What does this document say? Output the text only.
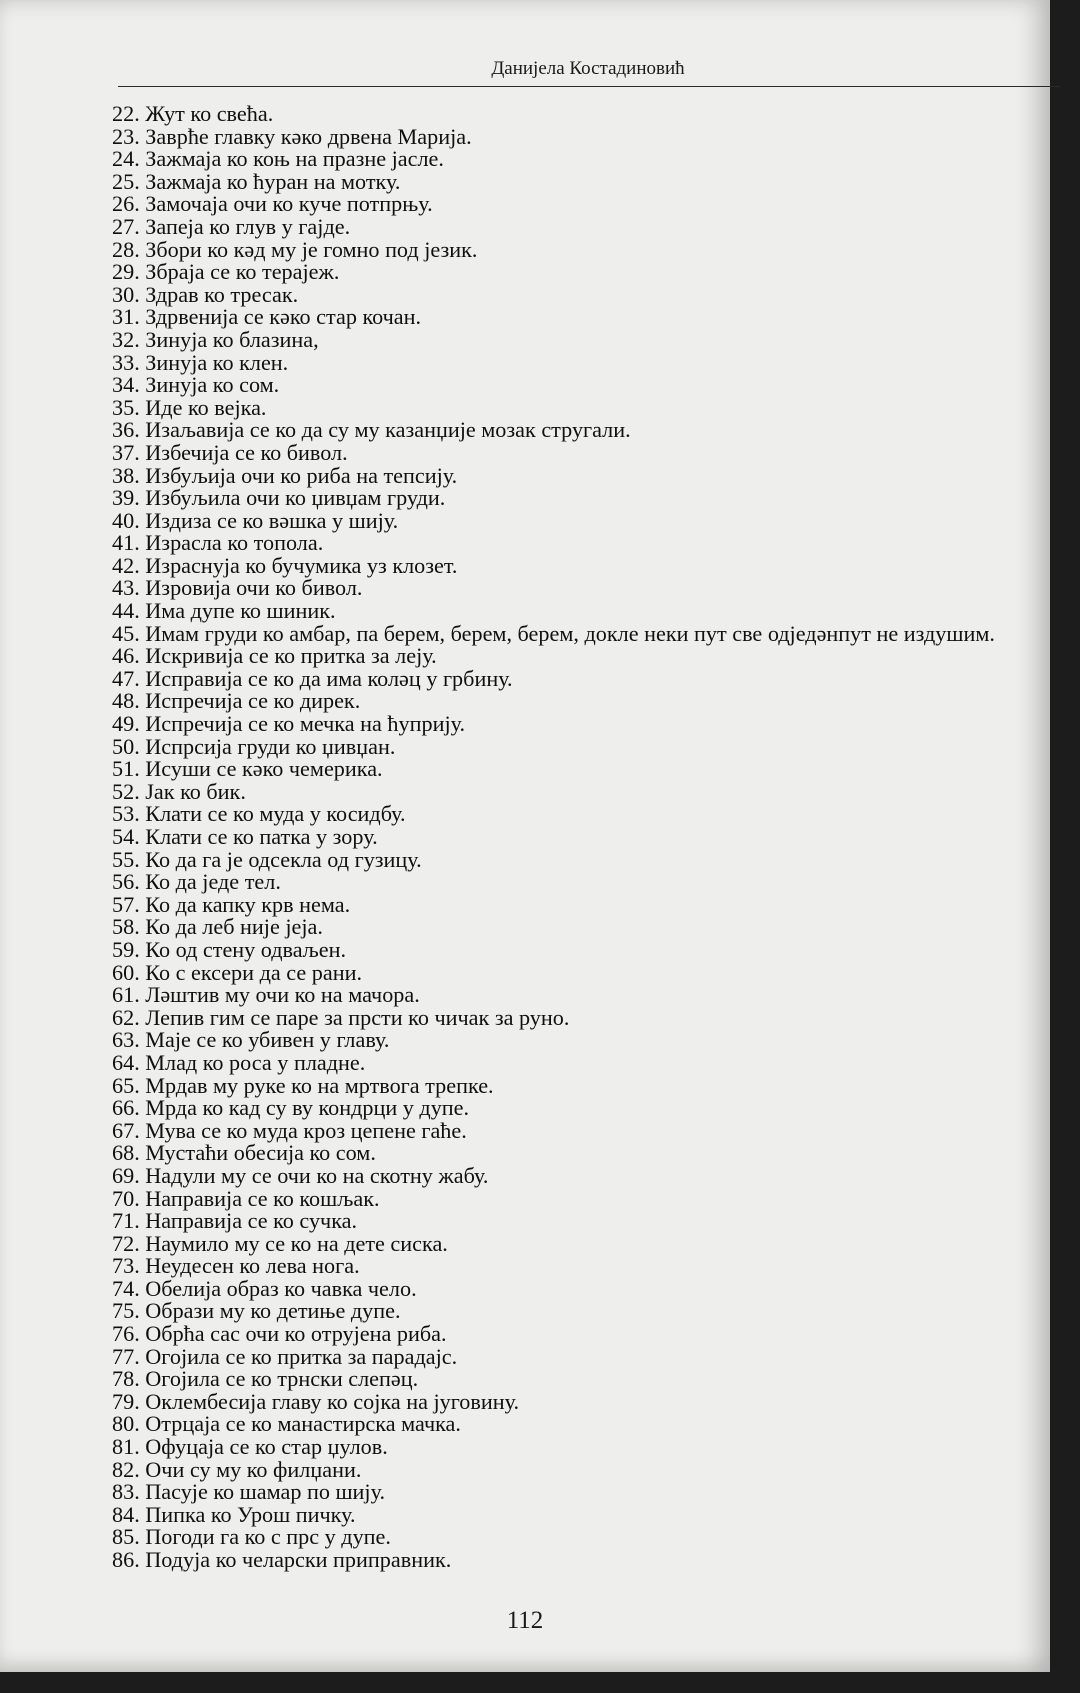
Данијела Костадиновић
22. Жут ко свећа.
23. Заврће главку кәко дрвена Марија.
24. Зажмаја ко коњ на празне јасле.
25. Зажмаја ко ћуран на мотку.
26. Замочаја очи ко куче потпрњу.
27. Запеја ко глув у гајде.
28. Збори ко кәд му је гомно под језик.
29. Збраја се ко терајеж.
30. Здрав ко тресак.
31. Здрвенија се кәко стар кочан.
32. Зинуја ко блазина,
33. Зинуја ко клен.
34. Зинуја ко сом.
35. Иде ко вејка.
36. Изаљавија се ко да су му казанџије мозак стругали.
37. Избечија се ко бивол.
38. Избуљија очи ко риба на тепсију.
39. Избуљила очи ко џивџам груди.
40. Издиза се ко вәшка у шију.
41. Израсла ко топола.
42. Израснуја ко бучумика уз клозет.
43. Изровија очи ко бивол.
44. Има дупе ко шиник.
45. Имам груди ко амбар, па берем, берем, берем, докле неки пут све одједәнпут не издушим.
46. Искривија се ко притка за леју.
47. Исправија се ко да има коләц у грбину.
48. Испречија се ко дирек.
49. Испречија се ко мечка на ћуприју.
50. Испрсија груди ко џивџан.
51. Исуши се кәко чемерика.
52. Јак ко бик.
53. Клати се ко муда у косидбу.
54. Клати се ко патка у зору.
55. Ко да га је одсекла од гузицу.
56. Ко да једе тел.
57. Ко да капку крв нема.
58. Ко да леб није јеја.
59. Ко од стену одваљен.
60. Ко с ексери да се рани.
61. Ләштив му очи ко на мачора.
62. Лепив гим се паре за прсти ко чичак за руно.
63. Маје се ко убивен у главу.
64. Млад ко роса у пладне.
65. Мрдав му руке ко на мртвога трепке.
66. Мрда ко кад су ву кондрци у дупе.
67. Мува се ко муда кроз цепене гаће.
68. Мустаћи обесија ко сом.
69. Надули му се очи ко на скотну жабу.
70. Направија се ко кошљак.
71. Направија се ко сучка.
72. Наумило му се ко на дете сиска.
73. Неудесен ко лева нога.
74. Обелија образ ко чавка чело.
75. Образи му ко детиње дупе.
76. Обрћа сас очи ко отрујена риба.
77. Огојила се ко притка за парадајс.
78. Огојила се ко трнски слепәц.
79. Оклембесија главу ко сојка на југовину.
80. Отрцаја се ко манастирска мачка.
81. Офуцаја се ко стар џулов.
82. Очи су му ко филџани.
83. Пасује ко шамар по шију.
84. Пипка ко Урош пичку.
85. Погоди га ко с прс у дупе.
86. Подуја ко челарски приправник.
112
